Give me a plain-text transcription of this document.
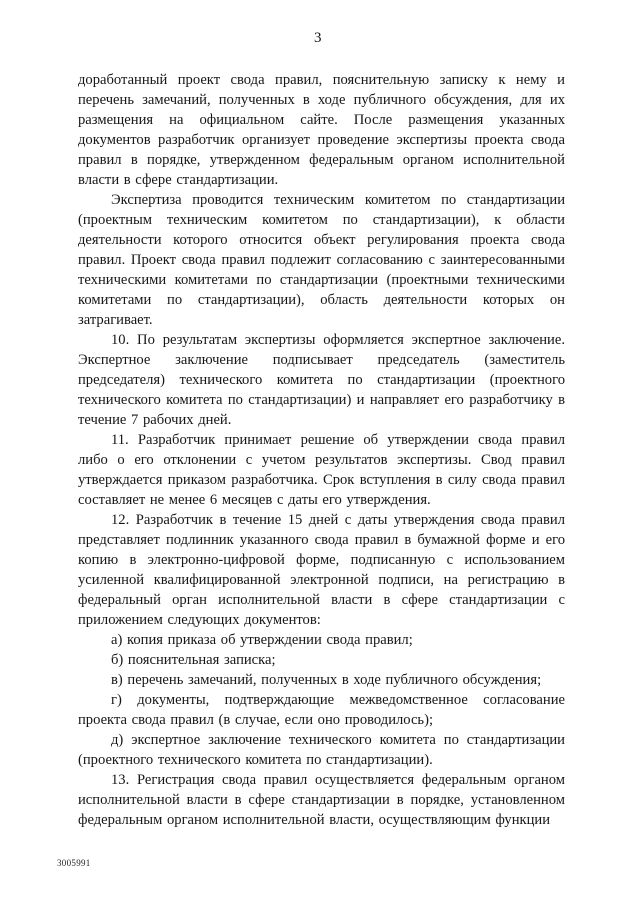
3

доработанный проект свода правил, пояснительную записку к нему и перечень замечаний, полученных в ходе публичного обсуждения, для их размещения на официальном сайте. После размещения указанных документов разработчик организует проведение экспертизы проекта свода правил в порядке, утвержденном федеральным органом исполнительной власти в сфере стандартизации.

Экспертиза проводится техническим комитетом по стандартизации (проектным техническим комитетом по стандартизации), к области деятельности которого относится объект регулирования проекта свода правил. Проект свода правил подлежит согласованию с заинтересованными техническими комитетами по стандартизации (проектными техническими комитетами по стандартизации), область деятельности которых он затрагивает.

10. По результатам экспертизы оформляется экспертное заключение. Экспертное заключение подписывает председатель (заместитель председателя) технического комитета по стандартизации (проектного технического комитета по стандартизации) и направляет его разработчику в течение 7 рабочих дней.

11. Разработчик принимает решение об утверждении свода правил либо о его отклонении с учетом результатов экспертизы. Свод правил утверждается приказом разработчика. Срок вступления в силу свода правил составляет не менее 6 месяцев с даты его утверждения.

12. Разработчик в течение 15 дней с даты утверждения свода правил представляет подлинник указанного свода правил в бумажной форме и его копию в электронно-цифровой форме, подписанную с использованием усиленной квалифицированной электронной подписи, на регистрацию в федеральный орган исполнительной власти в сфере стандартизации с приложением следующих документов:

а) копия приказа об утверждении свода правил;

б) пояснительная записка;

в) перечень замечаний, полученных в ходе публичного обсуждения;

г) документы, подтверждающие межведомственное согласование проекта свода правил (в случае, если оно проводилось);

д) экспертное заключение технического комитета по стандартизации (проектного технического комитета по стандартизации).

13. Регистрация свода правил осуществляется федеральным органом исполнительной власти в сфере стандартизации в порядке, установленном федеральным органом исполнительной власти, осуществляющим функции

3005991
